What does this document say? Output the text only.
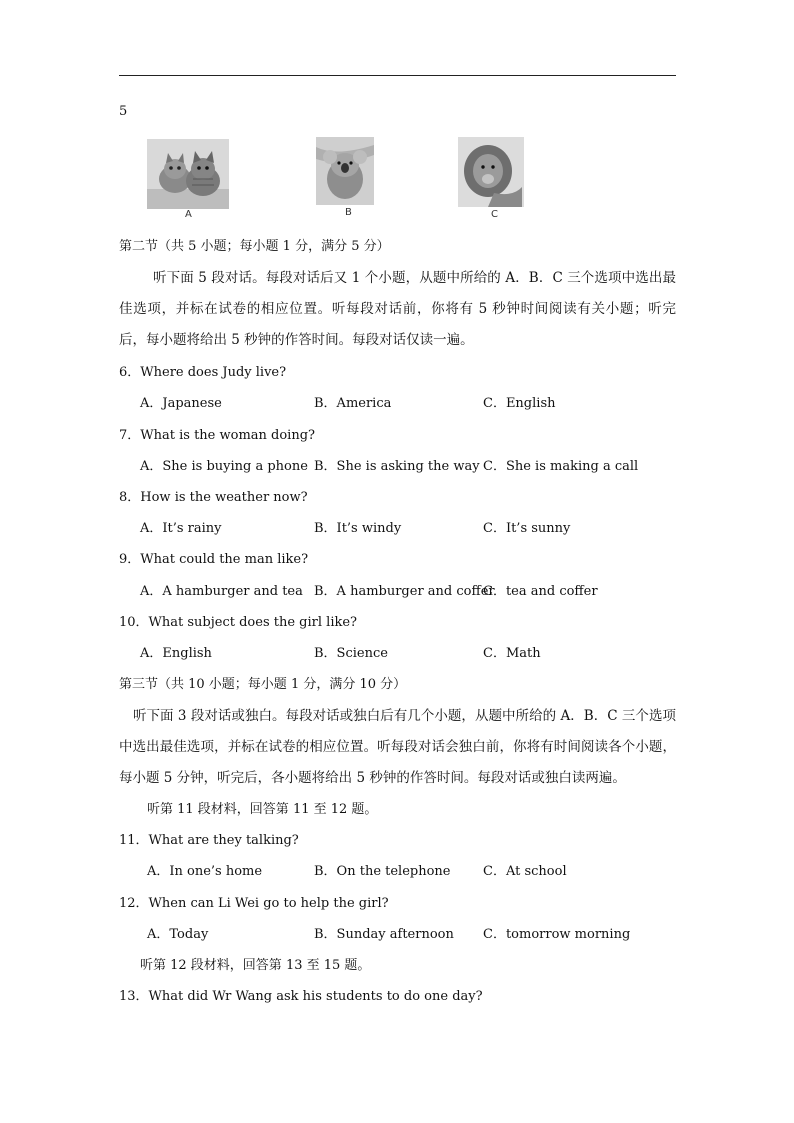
5
A	B	C
第二节（共 5 小题；每小题 1 分，满分 5 分）
听下面 5 段对话。每段对话后又 1 个小题，从题中所给的 A．B．C 三个选项中选出最佳选项，并标在试卷的相应位置。听每段对话前，你将有 5 秒钟时间阅读有关小题；听完后，每小题将给出 5 秒钟的作答时间。每段对话仅读一遍。
6．Where does Judy live?
A．Japanese	B．America	C．English
7．What is the woman doing?
A．She is buying a phone B．She is asking the way C．She is making a call
8．How is the weather now?
A．It’s rainy	B．It’s windy	C．It’s sunny
9．What could the man like?
A．A hamburger and tea B．A hamburger and coffer
C．tea and coffer
10．What subject does the girl like?
A．English	B．Science	C．Math
第三节（共 10 小题；每小题 1 分，满分 10 分）
听下面 3 段对话或独白。每段对话或独白后有几个小题，从题中所给的 A．B．C 三个选项中选出最佳选项，并标在试卷的相应位置。听每段对话会独白前，你将有时间阅读各个小题，每小题 5 分钟，听完后，各小题将给出 5 秒钟的作答时间。每段对话或独白读两遍。
听第 11 段材料，回答第 11 至 12 题。
11．What are they talking?
A．In one’s home	B．On the telephone	C．At school
12．When can Li Wei go to help the girl?
A．Today	B．Sunday afternoon C．tomorrow morning
听第 12 段材料，回答第 13 至 15 题。
13．What did Wr Wang ask his students to do one day?
